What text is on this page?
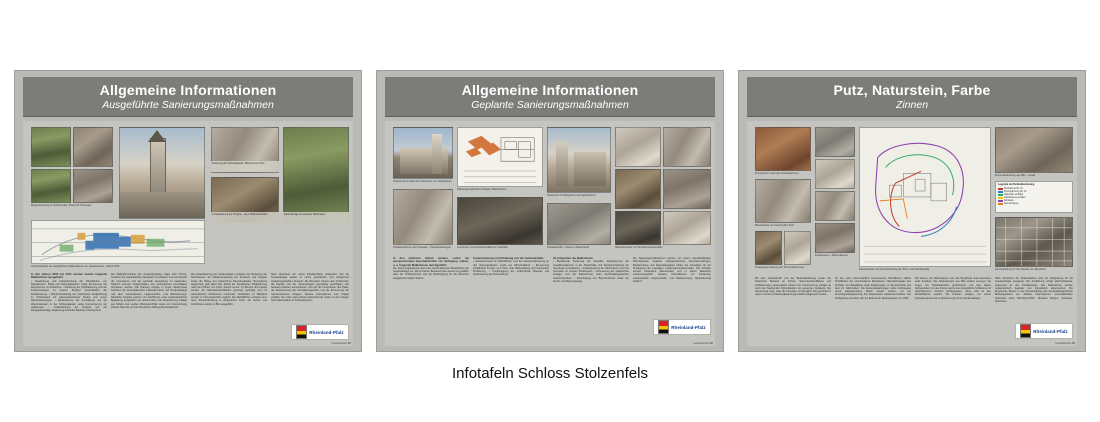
Allgemeine Informationen
Ausgeführte Sanierungsmaßnahmen
Wegesanierung im Schlosspark, Abschnitt Ostrampe
Sanierung der Schlosskapelle, Blick auf den Chor
Instandsetzung der Pergola – neue Holzkonstruktion	Gartenanlage mit sanierter Stützmauer
Übersichtsplan der ausgeführten Maßnahmen am Gesamtareal – Stand 2011
In den Jahren 2005 bis 2011 wurden bereits folgende Maßnahmen ausgeführt:
• Neudeckung und Instandsetzung der Dachflächen von Kapellenturm, Palas und Nebengebäuden sowie Erneuerung der Regenrinnen und Fallrohre. • Sanierung der Hofpflasterung und der Treppenanlagen im inneren Burghof einschließlich der Entwässerung. • Wiederherstellung der historischen Wegeführung im Schlosspark mit wassergebundener Decke und neuen Randeinfassungen. • Restaurierung der Ausstattung und der Wandmalereien in der Schlosskapelle sowie Konservierung der Glasfenster. • Instandsetzung der Pergola und der Klingelpützanlage, Ergänzung fehlender Bauteile in Eichenholz.
Die Maßnahmenfolge des Gesamtprojektes folgte dem Prinzip, zunächst die Gebäudehülle dauerhaft zu schließen und erst danach die Innenräume und die wertvolle Ausstattung zu bearbeiten. Dadurch konnten Folgeschäden aus eindringender Feuchtigkeit vermieden werden. Die Planung erfolgte in enger Abstimmung zwischen der Generaldirektion Kulturelles Erbe, der Denkmalpflege und dem Landesbetrieb Liegenschafts- und Baubetreuung. Sämtliche Arbeiten wurden von Fachfirmen unter restauratorischer Begleitung ausgeführt und dokumentiert. Die Finanzierung erfolgte aus Mitteln des Landes Rheinland-Pfalz sowie mit Unterstützung privater Spender und der Deutschen Stiftung Denkmalschutz.
Die Instandsetzung der Außenanlagen umfasste die Sanierung der Stützmauern, die Wiederherstellung der Terrassen und Treppen sowie die Pflege des historischen Baumbestandes. Besonderes Augenmerk galt dabei dem Erhalt der überlieferten Wegeführung nach den Plänen von Peter Joseph Lenné. Im Bereich der Kapelle wurden die Natursteinoberflächen gereinigt, gefestigt und mit mineralischen Schlämmen retuschiert. Fehlstellen im Maßwerk wurden in Vierungstechnik ergänzt. Die Dachflächen erhielten eine neue Schieferdeckung in altdeutscher Form, die Kehlen und Anschlüsse wurden in Blei ausgeführt.
Nach Abschluss der ersten Bauabschnitte präsentiert sich die Gesamtanlage wieder in einem gesicherten und weitgehend wiederhergestellten Zustand. Die Besucher können den Schlosshof, die Kapelle und die Gartenanlagen ganzjährig besichtigen. Die weiteren Arbeiten konzentrieren sich auf die Innenräume des Palas, die Restaurierung der Ausstattungsstücke und die Erneuerung der haustechnischen Anlagen. Weitere Informationen zum Projekt erhalten Sie unter www.schloss-stolzenfels.de sowie an den übrigen Informationstafeln im Schlossbereich.
Rheinland-Pfalz
Landesbetrieb LBB
Allgemeine Informationen
Geplante Sanierungsmaßnahmen
Historische Ansicht des Schlosses von Nordwesten
Schadensbild an der Fassade – Putzabplatzungen
Planungsmodell der künftigen Maßnahmen
Innenraum mit Feuchteschäden im Gewölbe
Ostansicht mit Bergfried und Kapellenturm
Schadensbild – Risse im Mauerwerk	Natursteinwerk mit Verwitterungsschäden
In den nächsten Jahren werden, sofern die entsprechenden Haushaltsmittel zur Verfügung stehen, u. a. folgende Maßnahmen durchgeführt:
Die Sanierungsplanung sieht eine abschnittsweise Bearbeitung der Gesamtanlage vor. Die einzelnen Bauabschnitte werden so gewählt, dass der Schlossbetrieb und die Besichtigung für die Besucher weitgehend möglich bleiben.
Instandsetzung und Erhaltung von der Gebäudehülle
• Instandsetzung der Dachflächen und der Dachentwässerung an den Nebengebäuden sowie am Wirtschaftshof. • Erneuerung schadhafter Fenster und Türen unter Beibehaltung der historischen Profilierung. • Trockenlegung der erdberührten Bauteile und Verbesserung der Hinterlüftung.
Im Folgenden die Maßnahmen
• Bauleitende Sanierung der Gewölbe, Restaurierung der Gewölbemalereien in der Pfeilerhalle und Wiederherstellung der raumfesten Ausstattung. • Instandsetzung der Stützmauern und der Terrassen im unteren Parkbereich. • Erneuerung der elektrischen Anlagen und der Beleuchtung unter denkmalpflegerischen Gesichtspunkten. • Ertüchtigung des Brandschutzes sowie der Flucht- und Rettungswege.
Die Sanierungsmaßnahmen werden von einem interdisziplinären Planungsteam begleitet. Restauratorische Voruntersuchungen, Bauforschung und Materialanalysen bilden die Grundlage für die Festlegung der jeweiligen Instandsetzungskonzepte. Die Arbeiten werden fortlaufend dokumentiert und in einem Bauarchiv zusammengeführt. Weitere Informationen zur Sanierung: Landesbetrieb Liegenschafts- und Baubetreuung, Niederlassung Koblenz.
Rheinland-Pfalz
Landesbetrieb LBB
Putz, Naturstein, Farbe
Zinnen
Zinnenkranz nach der Instandsetzung
Befundstelle am historischen Putz
Freigelegte Fassung der Zinnenbekrönung
Farbfassung – Befundtreppe
Bestandsplan mit Kennzeichnung der Putz- und Farbbefunde
Zinnenabdeckung aus Blei – Detail
Legende der Befundkartierung
Putzbefund 19. Jh.
Putzergänzung 20. Jh.
Naturstein sichtbar
Farbfassung erhalten
Fehlstelle
Neuverfugung
Gerüststellung für die Arbeiten am Bergfried
Mit dem Farbaufmaß und der Befundkartierung wurde der historische Bestand an Putzen, Natursteinoberflächen und Farbfassungen systematisch erfasst. Die Untersuchung erfolgte an mehr als zweihundert Befundstellen am gesamten Gebäude. Die Auswertung zeigt, dass die Fassaden ursprünglich hell geschlämmt waren und die Architekturgliederungen farblich abgesetzt wurden.
Zu den sehr unterschiedlich konservierten Oberflächen zählen Putzflächen aus verschiedenen Bauphasen, Natursteinquader aus Schiefer und Basaltlava sowie Ergänzungen in Zementmörtel aus dem 20. Jahrhundert. Die Zementergänzungen sollen schrittweise durch kalkgebundene Mörtel ersetzt werden, um die Feuchtigkeitsregulierung des Mauerwerks wiederherzustellen. Die Farbgebung orientiert sich am Befund der Erbauungszeit um 1840.
Die Zinnen der Wehrmauern und des Bergfrieds sind besonders stark bewittert. Ihre Abdeckungen aus Blei wurden erneuert, die Fugen mit Trasskalkmörtel geschlossen und lose Steine rückverankert. An den Zinnen wurde eine bauzeitliche Schlämme mit ockerfarbenem Anstrich nachgewiesen; diese wird an den Musterflächen erprobt. Die Arbeiten erfolgen von einem Fassadengerüst aus in Abstimmung mit der Denkmalpflege.
Nach Abschluss der Musterflächen wird die Farbgebung für die Gesamtanlage festgelegt. Die Ausführung erfolgt abschnittsweise, beginnend an den Nordfassaden. Alle Maßnahmen werden restauratorisch begleitet und fotografisch dokumentiert. Die Ergebnisse fließen in die Fortschreibung des denkmalpflegerischen Bindungsplanes ein. Weitere Informationen: Generaldirektion Kulturelles Erbe Rheinland-Pfalz, Direktion Burgen, Schlösser, Altertümer.
Rheinland-Pfalz
Landesbetrieb LBB
Infotafeln Schloss Stolzenfels
